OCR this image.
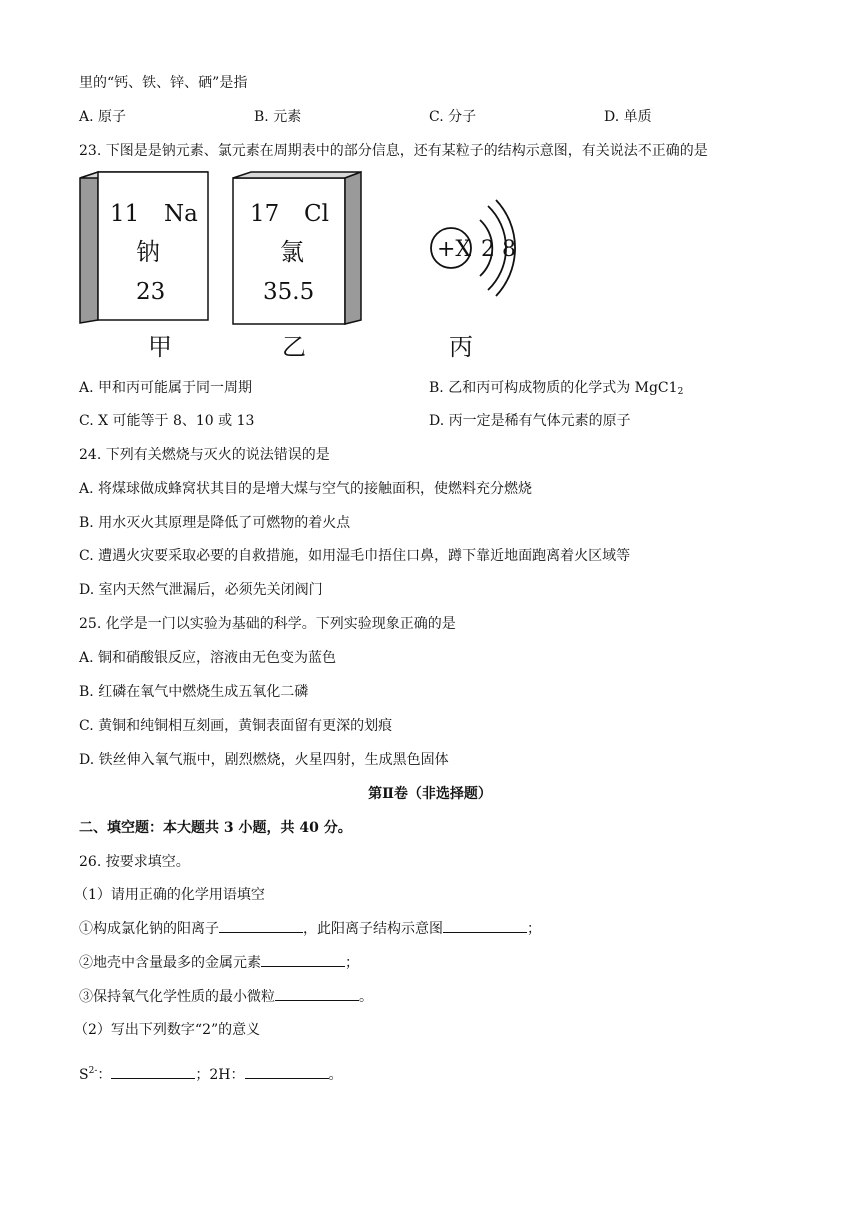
里的“钙、铁、锌、硒”是指
A. 原子	B. 元素	C. 分子	D. 单质
23. 下图是是钠元素、氯元素在周期表中的部分信息，还有某粒子的结构示意图，有关说法不正确的是
11 Na
钠
23
17 Cl
氯
35.5
+X 2 8
甲	乙	丙
A. 甲和丙可能属于同一周期	B. 乙和丙可构成物质的化学式为 $MgC1_2$
C. X 可能等于 8、10 或 13	D. 丙一定是稀有气体元素的原子
24. 下列有关燃烧与灭火的说法错误的是
A. 将煤球做成蜂窝状其目的是增大煤与空气的接触面积，使燃料充分燃烧
B. 用水灭火其原理是降低了可燃物的着火点
C. 遭遇火灾要采取必要的自救措施，如用湿毛巾捂住口鼻，蹲下靠近地面跑离着火区域等
D. 室内天然气泄漏后，必须先关闭阀门
25. 化学是一门以实验为基础的科学。下列实验现象正确的是
A. 铜和硝酸银反应，溶液由无色变为蓝色
B. 红磷在氧气中燃烧生成五氧化二磷
C. 黄铜和纯铜相互刻画，黄铜表面留有更深的划痕
D. 铁丝伸入氧气瓶中，剧烈燃烧，火星四射，生成黑色固体
第Ⅱ卷（非选择题）
二、填空题：本大题共 3 小题，共 40 分。
26. 按要求填空。
（1）请用正确的化学用语填空
①构成氯化钠的阳离子	，此阳离子结构示意图	；
②地壳中含量最多的金属元素	；
③保持氧气化学性质的最小微粒	。
（2）写出下列数字“2”的意义
$S^{2-}$：	；2H：	。
